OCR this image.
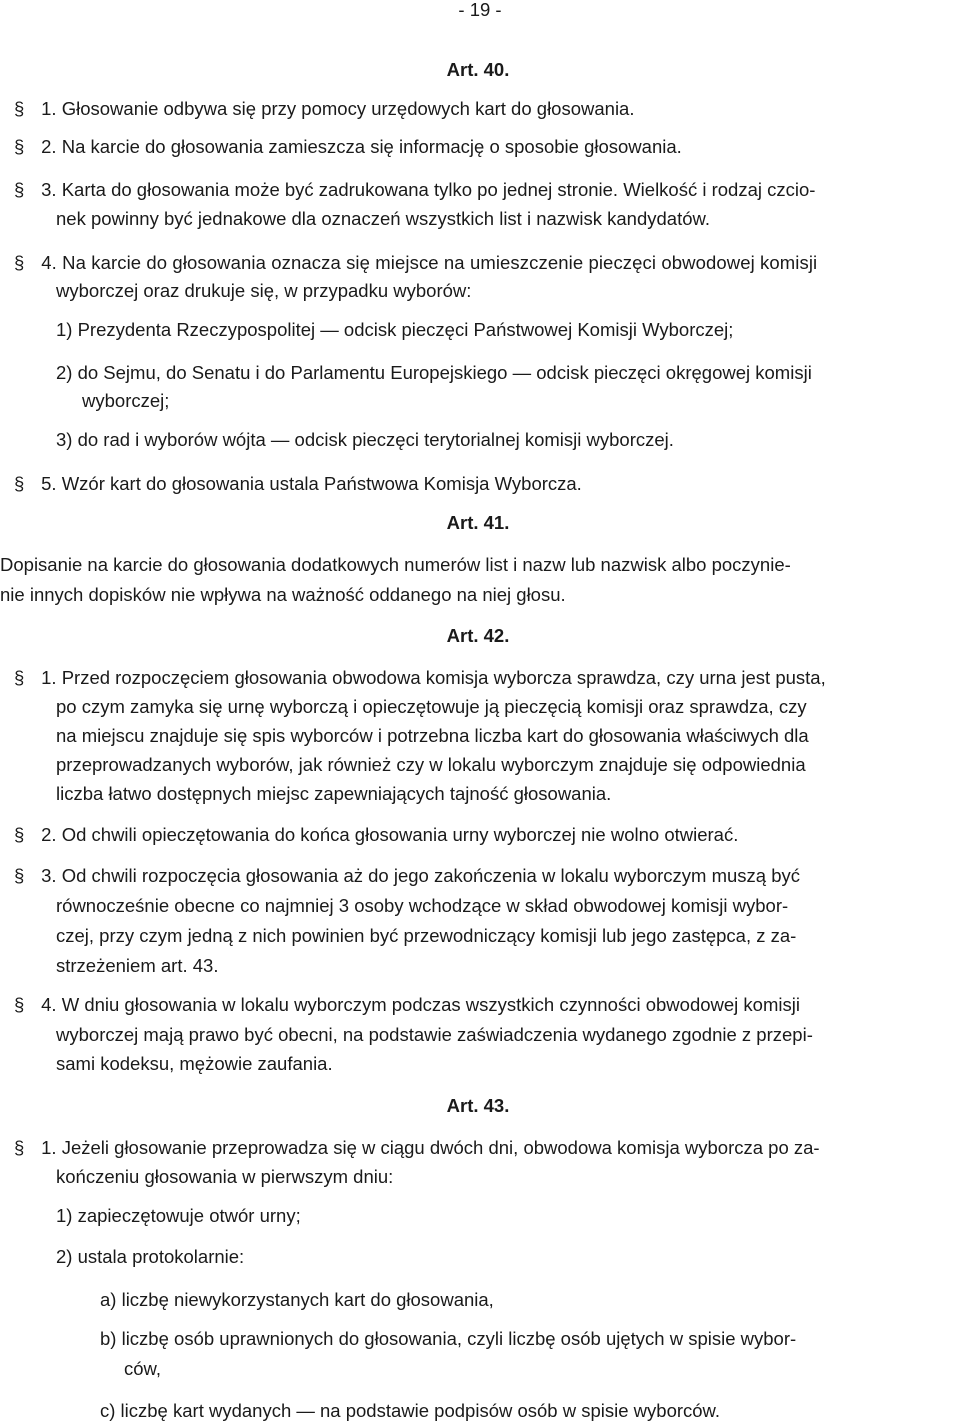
- 19 -
Art. 40.
§ 1. Głosowanie odbywa się przy pomocy urzędowych kart do głosowania.
§ 2. Na karcie do głosowania zamieszcza się informację o sposobie głosowania.
§ 3. Karta do głosowania może być zadrukowana tylko po jednej stronie. Wielkość i rodzaj czcio-
nek powinny być jednakowe dla oznaczeń wszystkich list i nazwisk kandydatów.
§ 4. Na karcie do głosowania oznacza się miejsce na umieszczenie pieczęci obwodowej komisji
wyborczej oraz drukuje się, w przypadku wyborów:
1) Prezydenta Rzeczypospolitej — odcisk pieczęci Państwowej Komisji Wyborczej;
2) do Sejmu, do Senatu i do Parlamentu Europejskiego — odcisk pieczęci okręgowej komisji
wyborczej;
3) do rad i wyborów wójta — odcisk pieczęci terytorialnej komisji wyborczej.
§ 5. Wzór kart do głosowania ustala Państwowa Komisja Wyborcza.
Art. 41.
Dopisanie na karcie do głosowania dodatkowych numerów list i nazw lub nazwisk albo poczynie-
nie innych dopisków nie wpływa na ważność oddanego na niej głosu.
Art. 42.
§ 1. Przed rozpoczęciem głosowania obwodowa komisja wyborcza sprawdza, czy urna jest pusta,
po czym zamyka się urnę wyborczą i opieczętowuje ją pieczęcią komisji oraz sprawdza, czy
na miejscu znajduje się spis wyborców i potrzebna liczba kart do głosowania właściwych dla
przeprowadzanych wyborów, jak również czy w lokalu wyborczym znajduje się odpowiednia
liczba łatwo dostępnych miejsc zapewniających tajność głosowania.
§ 2. Od chwili opieczętowania do końca głosowania urny wyborczej nie wolno otwierać.
§ 3. Od chwili rozpoczęcia głosowania aż do jego zakończenia w lokalu wyborczym muszą być
równocześnie obecne co najmniej 3 osoby wchodzące w skład obwodowej komisji wybor-
czej, przy czym jedną z nich powinien być przewodniczący komisji lub jego zastępca, z za-
strzeżeniem art. 43.
§ 4. W dniu głosowania w lokalu wyborczym podczas wszystkich czynności obwodowej komisji
wyborczej mają prawo być obecni, na podstawie zaświadczenia wydanego zgodnie z przepi-
sami kodeksu, mężowie zaufania.
Art. 43.
§ 1. Jeżeli głosowanie przeprowadza się w ciągu dwóch dni, obwodowa komisja wyborcza po za-
kończeniu głosowania w pierwszym dniu:
1) zapieczętowuje otwór urny;
2) ustala protokolarnie:
a) liczbę niewykorzystanych kart do głosowania,
b) liczbę osób uprawnionych do głosowania, czyli liczbę osób ujętych w spisie wybor-
ców,
c) liczbę kart wydanych — na podstawie podpisów osób w spisie wyborców.
